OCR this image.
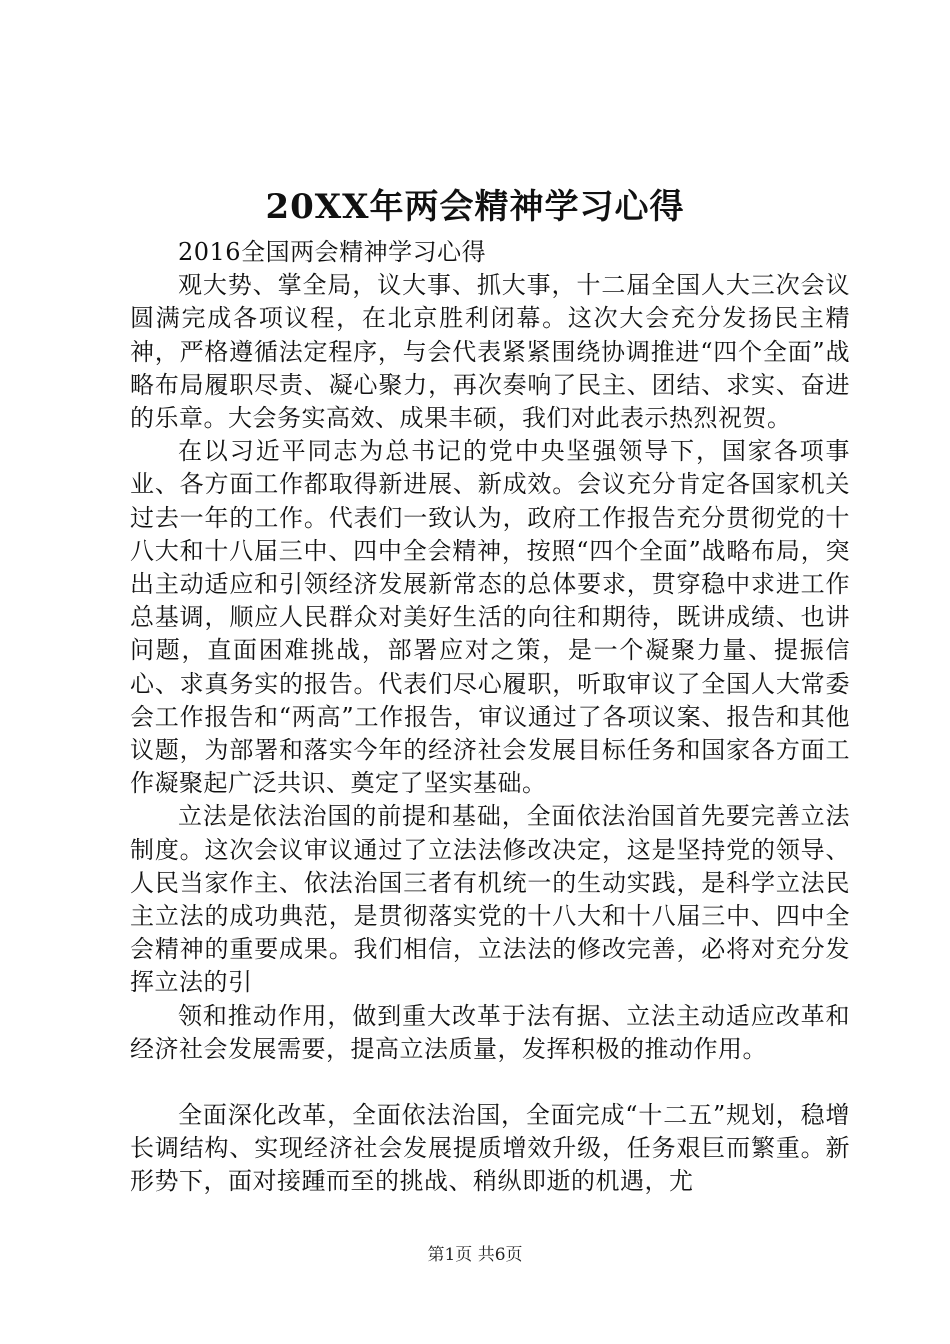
20XX年两会精神学习心得

2016全国两会精神学习心得

观大势、掌全局，议大事、抓大事，十二届全国人大三次会议圆满完成各项议程，在北京胜利闭幕。这次大会充分发扬民主精神，严格遵循法定程序，与会代表紧紧围绕协调推进“四个全面”战略布局履职尽责、凝心聚力，再次奏响了民主、团结、求实、奋进的乐章。大会务实高效、成果丰硕，我们对此表示热烈祝贺。

在以习近平同志为总书记的党中央坚强领导下，国家各项事业、各方面工作都取得新进展、新成效。会议充分肯定各国家机关过去一年的工作。代表们一致认为，政府工作报告充分贯彻党的十八大和十八届三中、四中全会精神，按照“四个全面”战略布局，突出主动适应和引领经济发展新常态的总体要求，贯穿稳中求进工作总基调，顺应人民群众对美好生活的向往和期待，既讲成绩、也讲问题，直面困难挑战，部署应对之策，是一个凝聚力量、提振信心、求真务实的报告。代表们尽心履职，听取审议了全国人大常委会工作报告和“两高”工作报告，审议通过了各项议案、报告和其他议题，为部署和落实今年的经济社会发展目标任务和国家各方面工作凝聚起广泛共识、奠定了坚实基础。

立法是依法治国的前提和基础，全面依法治国首先要完善立法制度。这次会议审议通过了立法法修改决定，这是坚持党的领导、人民当家作主、依法治国三者有机统一的生动实践，是科学立法民主立法的成功典范，是贯彻落实党的十八大和十八届三中、四中全会精神的重要成果。我们相信，立法法的修改完善，必将对充分发挥立法的引

领和推动作用，做到重大改革于法有据、立法主动适应改革和经济社会发展需要，提高立法质量，发挥积极的推动作用。

全面深化改革，全面依法治国，全面完成“十二五”规划，稳增长调结构、实现经济社会发展提质增效升级，任务艰巨而繁重。新形势下，面对接踵而至的挑战、稍纵即逝的机遇，尤

第1页 共6页
